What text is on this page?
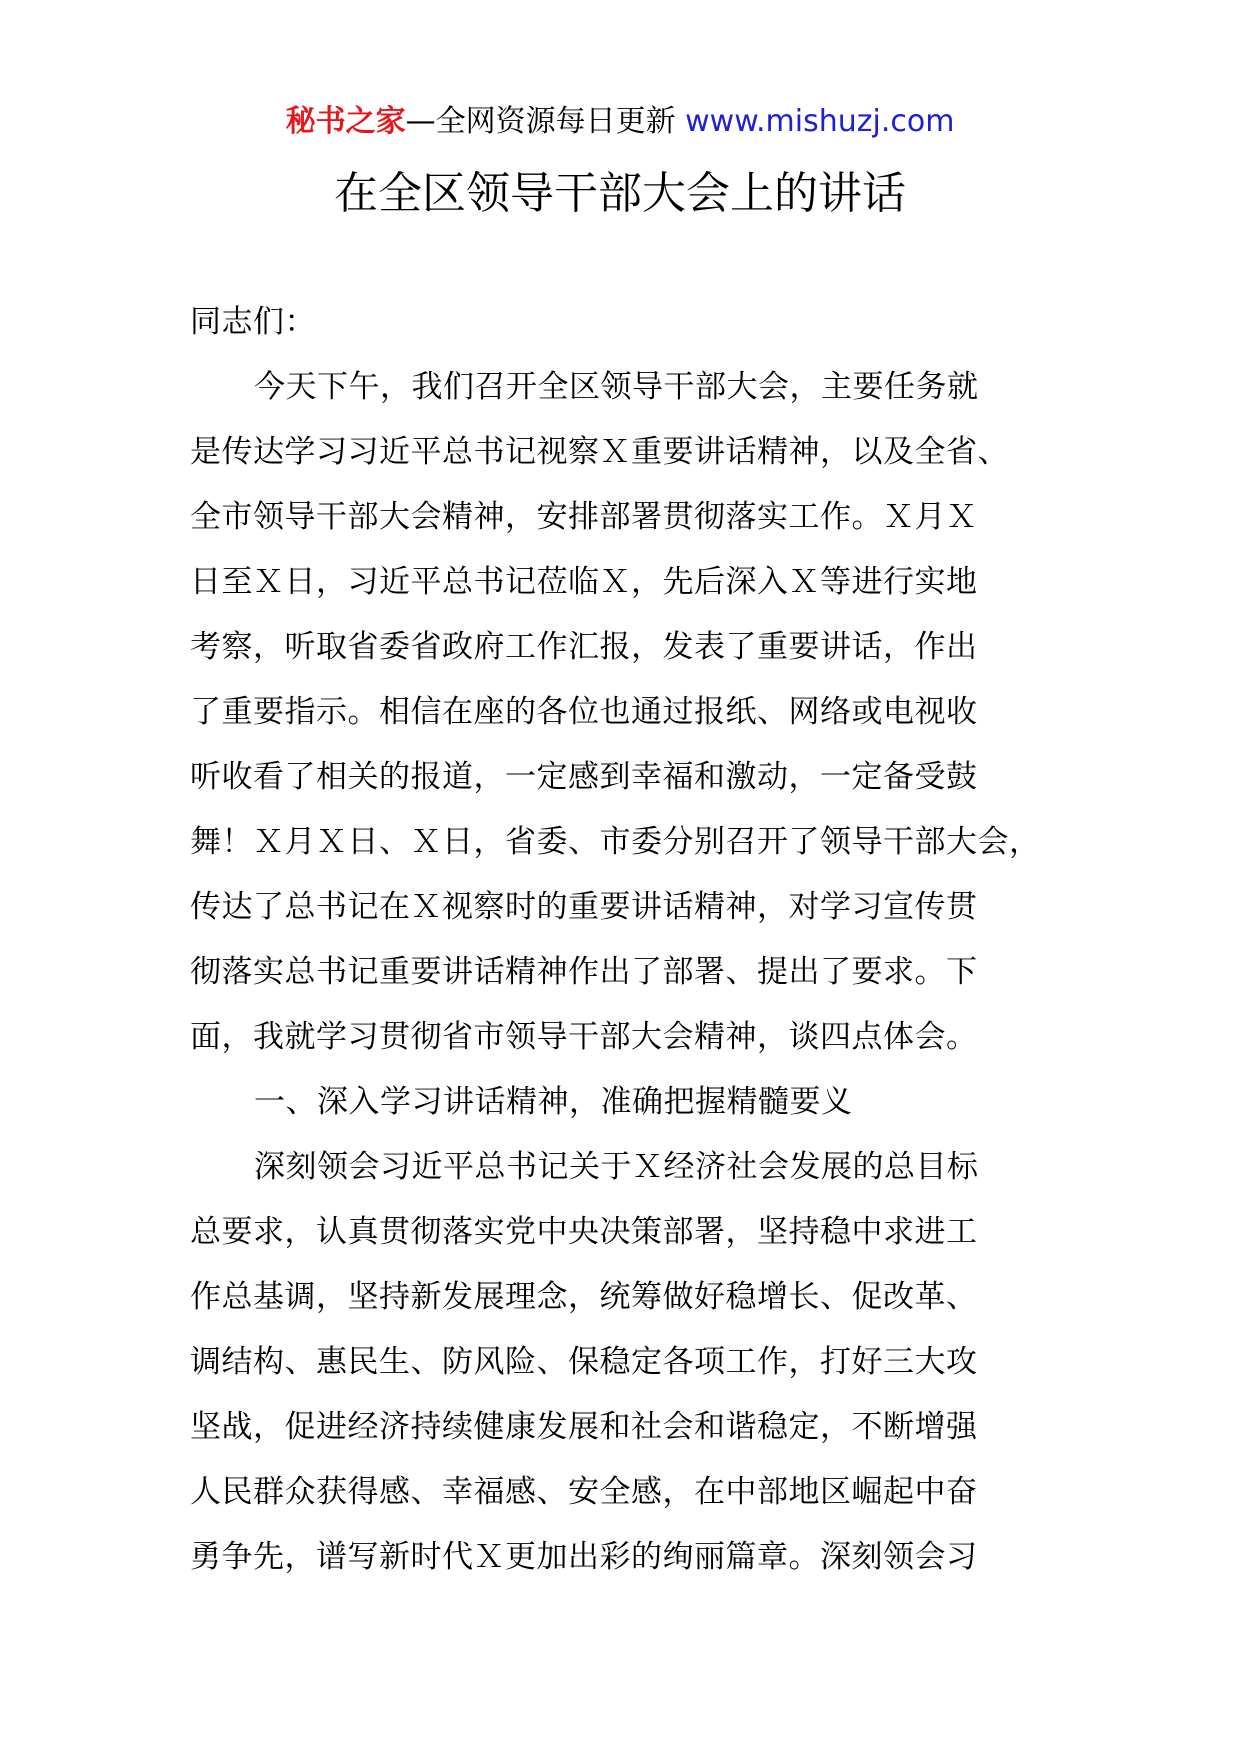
秘书之家—全网资源每日更新 www.mishuzj.com
在全区领导干部大会上的讲话
同志们：
今天下午，我们召开全区领导干部大会，主要任务就
是传达学习习近平总书记视察Ｘ重要讲话精神，以及全省、
全市领导干部大会精神，安排部署贯彻落实工作。Ｘ月Ｘ
日至Ｘ日，习近平总书记莅临Ｘ，先后深入Ｘ等进行实地
考察，听取省委省政府工作汇报，发表了重要讲话，作出
了重要指示。相信在座的各位也通过报纸、网络或电视收
听收看了相关的报道，一定感到幸福和激动，一定备受鼓
舞！Ｘ月Ｘ日、Ｘ日，省委、市委分别召开了领导干部大会，
传达了总书记在Ｘ视察时的重要讲话精神，对学习宣传贯
彻落实总书记重要讲话精神作出了部署、提出了要求。下
面，我就学习贯彻省市领导干部大会精神，谈四点体会。
一、深入学习讲话精神，准确把握精髓要义
深刻领会习近平总书记关于Ｘ经济社会发展的总目标
总要求，认真贯彻落实党中央决策部署，坚持稳中求进工
作总基调，坚持新发展理念，统筹做好稳增长、促改革、
调结构、惠民生、防风险、保稳定各项工作，打好三大攻
坚战，促进经济持续健康发展和社会和谐稳定，不断增强
人民群众获得感、幸福感、安全感，在中部地区崛起中奋
勇争先，谱写新时代Ｘ更加出彩的绚丽篇章。深刻领会习
